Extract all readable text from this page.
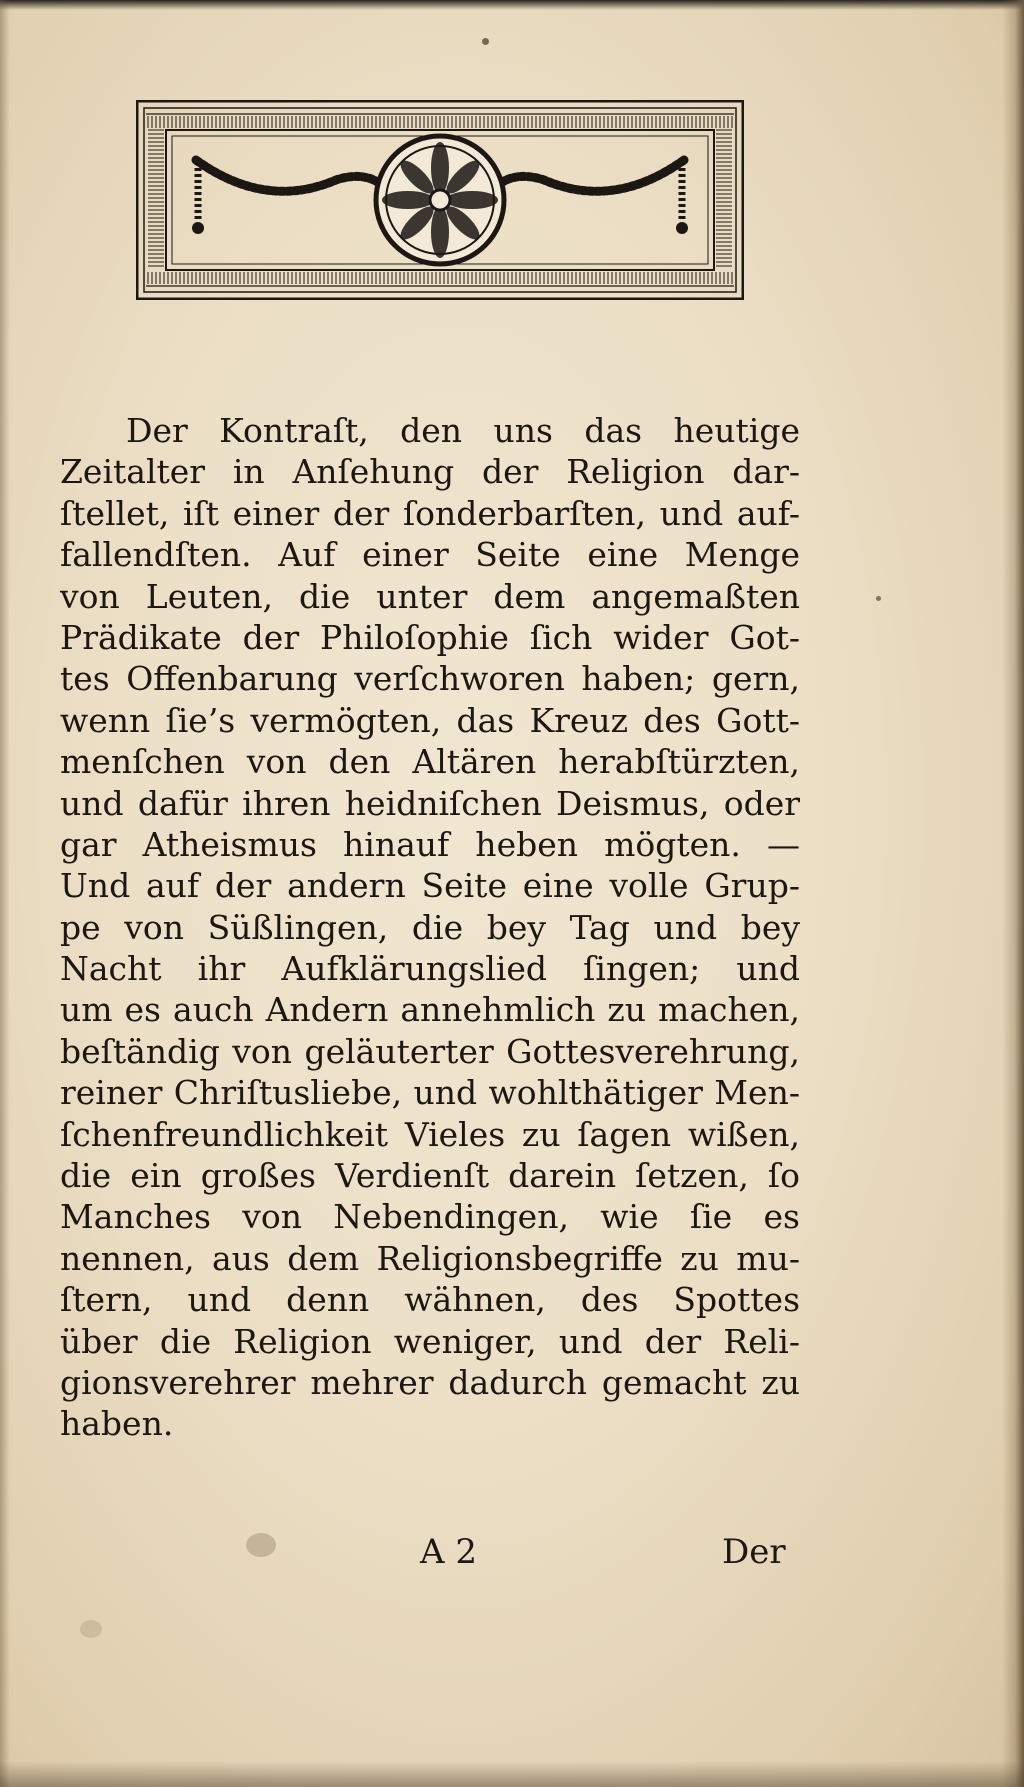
Der Kontraſt, den uns das heutige
Zeitalter in Anſehung der Religion dar-
ſtellet, iſt einer der ſonderbarſten, und auf-
fallendſten. Auf einer Seite eine Menge
von Leuten, die unter dem angemaßten
Prädikate der Philoſophie ſich wider Got-
tes Offenbarung verſchworen haben; gern,
wenn ſie’s vermögten, das Kreuz des Gott-
menſchen von den Altären herabſtürzten,
und dafür ihren heidniſchen Deismus, oder
gar Atheismus hinauf heben mögten. —
Und auf der andern Seite eine volle Grup-
pe von Süßlingen, die bey Tag und bey
Nacht ihr Aufklärungslied ſingen; und
um es auch Andern annehmlich zu machen,
beſtändig von geläuterter Gottesverehrung,
reiner Chriſtusliebe, und wohlthätiger Men-
ſchenfreundlichkeit Vieles zu ſagen wißen,
die ein großes Verdienſt darein ſetzen, ſo
Manches von Nebendingen, wie ſie es
nennen, aus dem Religionsbegriffe zu mu-
ſtern, und denn wähnen, des Spottes
über die Religion weniger, und der Reli-
gionsverehrer mehrer dadurch gemacht zu
haben.
A 2	Der
